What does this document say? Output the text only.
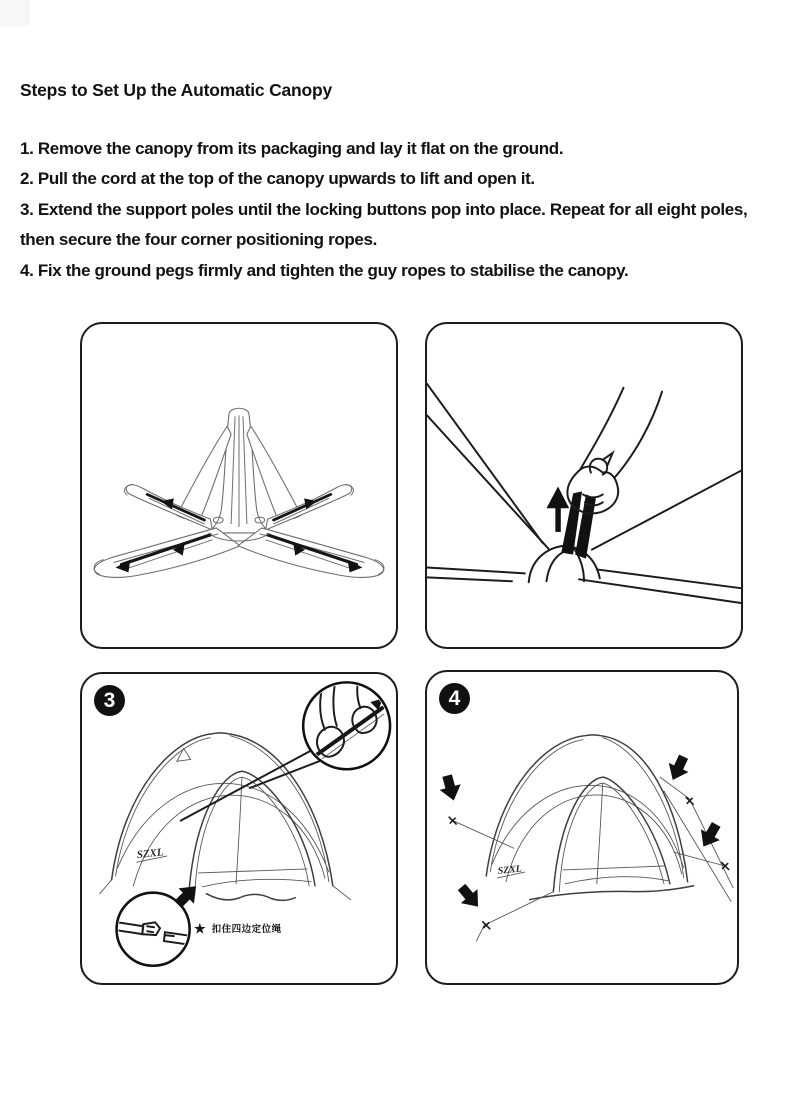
Steps to Set Up the Automatic Canopy

1. Remove the canopy from its packaging and lay it flat on the ground.

2. Pull the cord at the top of the canopy upwards to lift and open it.

3. Extend the support poles until the locking buttons pop into place. Repeat for all eight poles, then secure the four corner positioning ropes.

4. Fix the ground pegs firmly and tighten the guy ropes to stabilise the canopy.

SZXL
3
★ 扣住四边定位绳
SZXL
4
